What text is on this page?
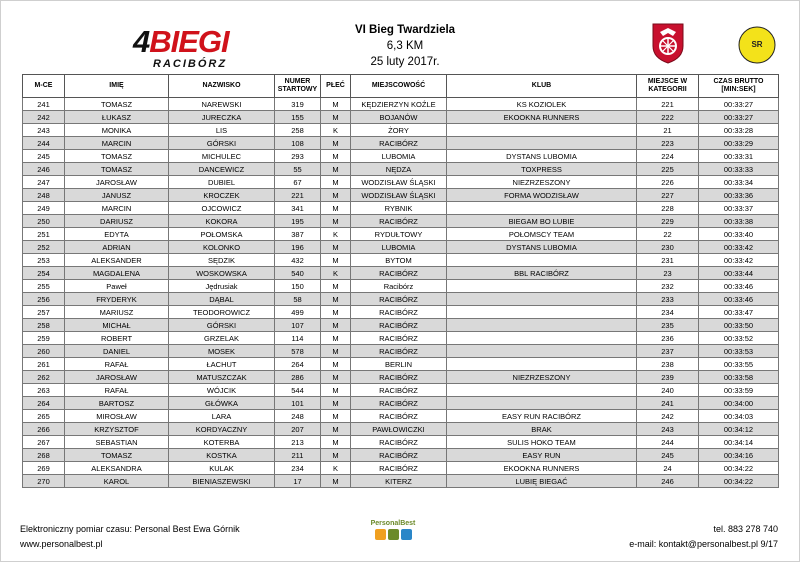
4BIEGI
RACIBÓRZ
VI Bieg Twardziela
6,3 KM
25 luty 2017r.
SR
M-CE	IMIĘ	NAZWISKO	NUMER STARTOWY	PŁEĆ	MIEJSCOWOŚĆ	KLUB	MIEJSCE W KATEGORII	CZAS BRUTTO [MIN:SEK]
241	TOMASZ	NAREWSKI	319	M	KĘDZIERZYN KOŹLE	KS KOZIOLEK	221	00:33:27
242	ŁUKASZ	JURECZKA	155	M	BOJANÓW	EKOOKNA RUNNERS	222	00:33:27
243	MONIKA	LIS	258	K	ŻORY		21	00:33:28
244	MARCIN	GÓRSKI	108	M	RACIBÓRZ		223	00:33:29
245	TOMASZ	MICHULEC	293	M	LUBOMIA	DYSTANS LUBOMIA	224	00:33:31
246	TOMASZ	DANCEWICZ	55	M	NĘDZA	TOXPRESS	225	00:33:33
247	JAROSŁAW	DUBIEL	67	M	WODZISŁAW ŚLĄSKI	NIEZRZESZONY	226	00:33:34
248	JANUSZ	KROCZEK	221	M	WODZISŁAW ŚLĄSKI	FORMA WODZISŁAW	227	00:33:36
249	MARCIN	OJCOWICZ	341	M	RYBNIK		228	00:33:37
250	DARIUSZ	KOKORA	195	M	RACIBÓRZ	BIEGAM BO LUBIE	229	00:33:38
251	EDYTA	POŁOMSKA	387	K	RYDUŁTOWY	POŁOMSCY TEAM	22	00:33:40
252	ADRIAN	KOLONKO	196	M	LUBOMIA	DYSTANS LUBOMIA	230	00:33:42
253	ALEKSANDER	SĘDZIK	432	M	BYTOM		231	00:33:42
254	MAGDALENA	WOSKOWSKA	540	K	RACIBÓRZ	BBL RACIBÓRZ	23	00:33:44
255	Paweł	Jędrusiak	150	M	Racibórz		232	00:33:46
256	FRYDERYK	DĄBAL	58	M	RACIBÓRZ		233	00:33:46
257	MARIUSZ	TEODOROWICZ	499	M	RACIBÓRZ		234	00:33:47
258	MICHAŁ	GÓRSKI	107	M	RACIBÓRZ		235	00:33:50
259	ROBERT	GRZELAK	114	M	RACIBÓRZ		236	00:33:52
260	DANIEL	MOSEK	578	M	RACIBÓRZ		237	00:33:53
261	RAFAŁ	ŁACHUT	264	M	BERLIN		238	00:33:55
262	JAROSŁAW	MATUSZCZAK	286	M	RACIBÓRZ	NIEZRZESZONY	239	00:33:58
263	RAFAŁ	WÓJCIK	544	M	RACIBÓRZ		240	00:33:59
264	BARTOSZ	GŁÓWKA	101	M	RACIBÓRZ		241	00:34:00
265	MIROSŁAW	LARA	248	M	RACIBÓRZ	EASY RUN RACIBÓRZ	242	00:34:03
266	KRZYSZTOF	KORDYACZNY	207	M	PAWŁOWICZKI	BRAK	243	00:34:12
267	SEBASTIAN	KOTERBA	213	M	RACIBÓRZ	SULIS HOKO TEAM	244	00:34:14
268	TOMASZ	KOSTKA	211	M	RACIBÓRZ	EASY RUN	245	00:34:16
269	ALEKSANDRA	KULAK	234	K	RACIBÓRZ	EKOOKNA RUNNERS	24	00:34:22
270	KAROL	BIENIASZEWSKI	17	M	KITERZ	LUBIĘ BIEGAĆ	246	00:34:22
Elektroniczny pomiar czasu: Personal Best Ewa Górnik
www.personalbest.pl
PersonalBest
tel. 883 278 740
e-mail: kontakt@personalbest.pl 9/17
